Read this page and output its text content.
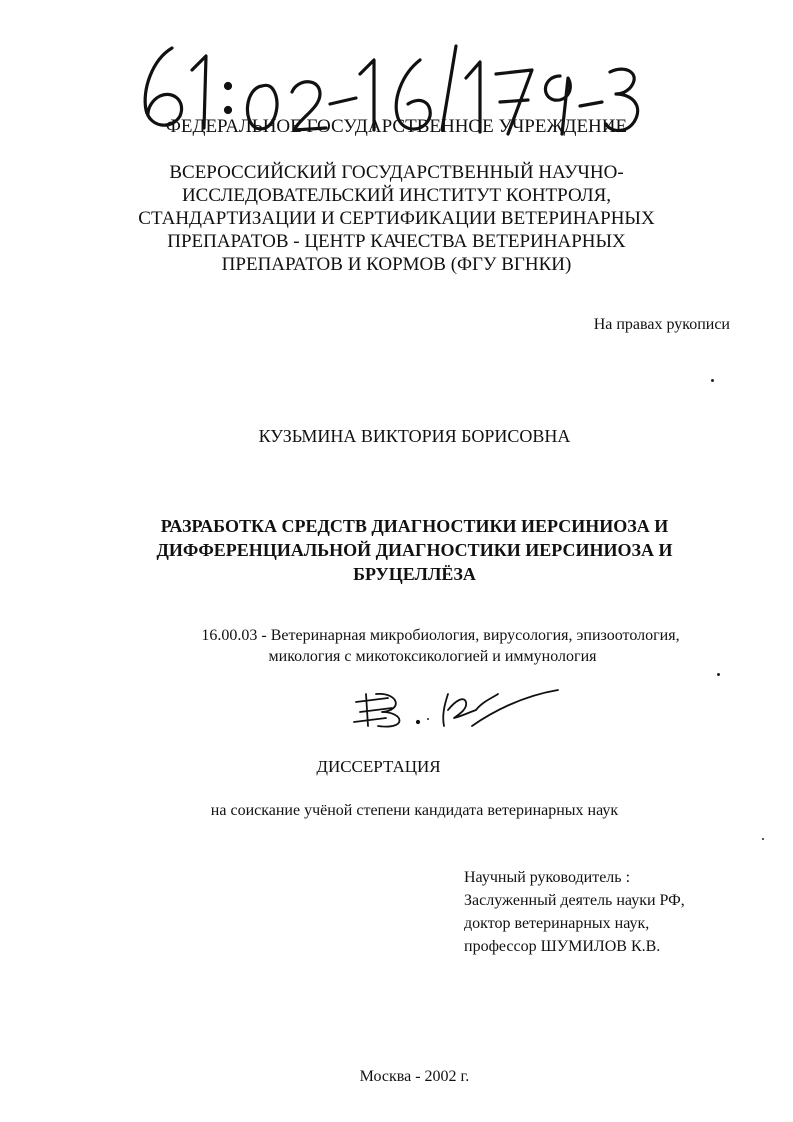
ФЕДЕРАЛЬНОЕ ГОСУДАРСТВЕННОЕ УЧРЕЖДЕНИЕ
ВСЕРОССИЙСКИЙ ГОСУДАРСТВЕННЫЙ НАУЧНО-
ИССЛЕДОВАТЕЛЬСКИЙ ИНСТИТУТ КОНТРОЛЯ,
СТАНДАРТИЗАЦИИ И СЕРТИФИКАЦИИ ВЕТЕРИНАРНЫХ
ПРЕПАРАТОВ - ЦЕНТР КАЧЕСТВА ВЕТЕРИНАРНЫХ
ПРЕПАРАТОВ И КОРМОВ (ФГУ ВГНКИ)
На правах рукописи
КУЗЬМИНА ВИКТОРИЯ БОРИСОВНА
РАЗРАБОТКА СРЕДСТВ ДИАГНОСТИКИ ИЕРСИНИОЗА И
ДИФФЕРЕНЦИАЛЬНОЙ ДИАГНОСТИКИ ИЕРСИНИОЗА И
БРУЦЕЛЛЁЗА
16.00.03 - Ветеринарная микробиология, вирусология, эпизоотология,
микология с микотоксикологией и иммунология
ДИССЕРТАЦИЯ
на соискание учёной степени кандидата ветеринарных наук
Научный руководитель :
Заслуженный деятель науки РФ,
доктор ветеринарных наук,
профессор ШУМИЛОВ К.В.
Москва - 2002 г.
